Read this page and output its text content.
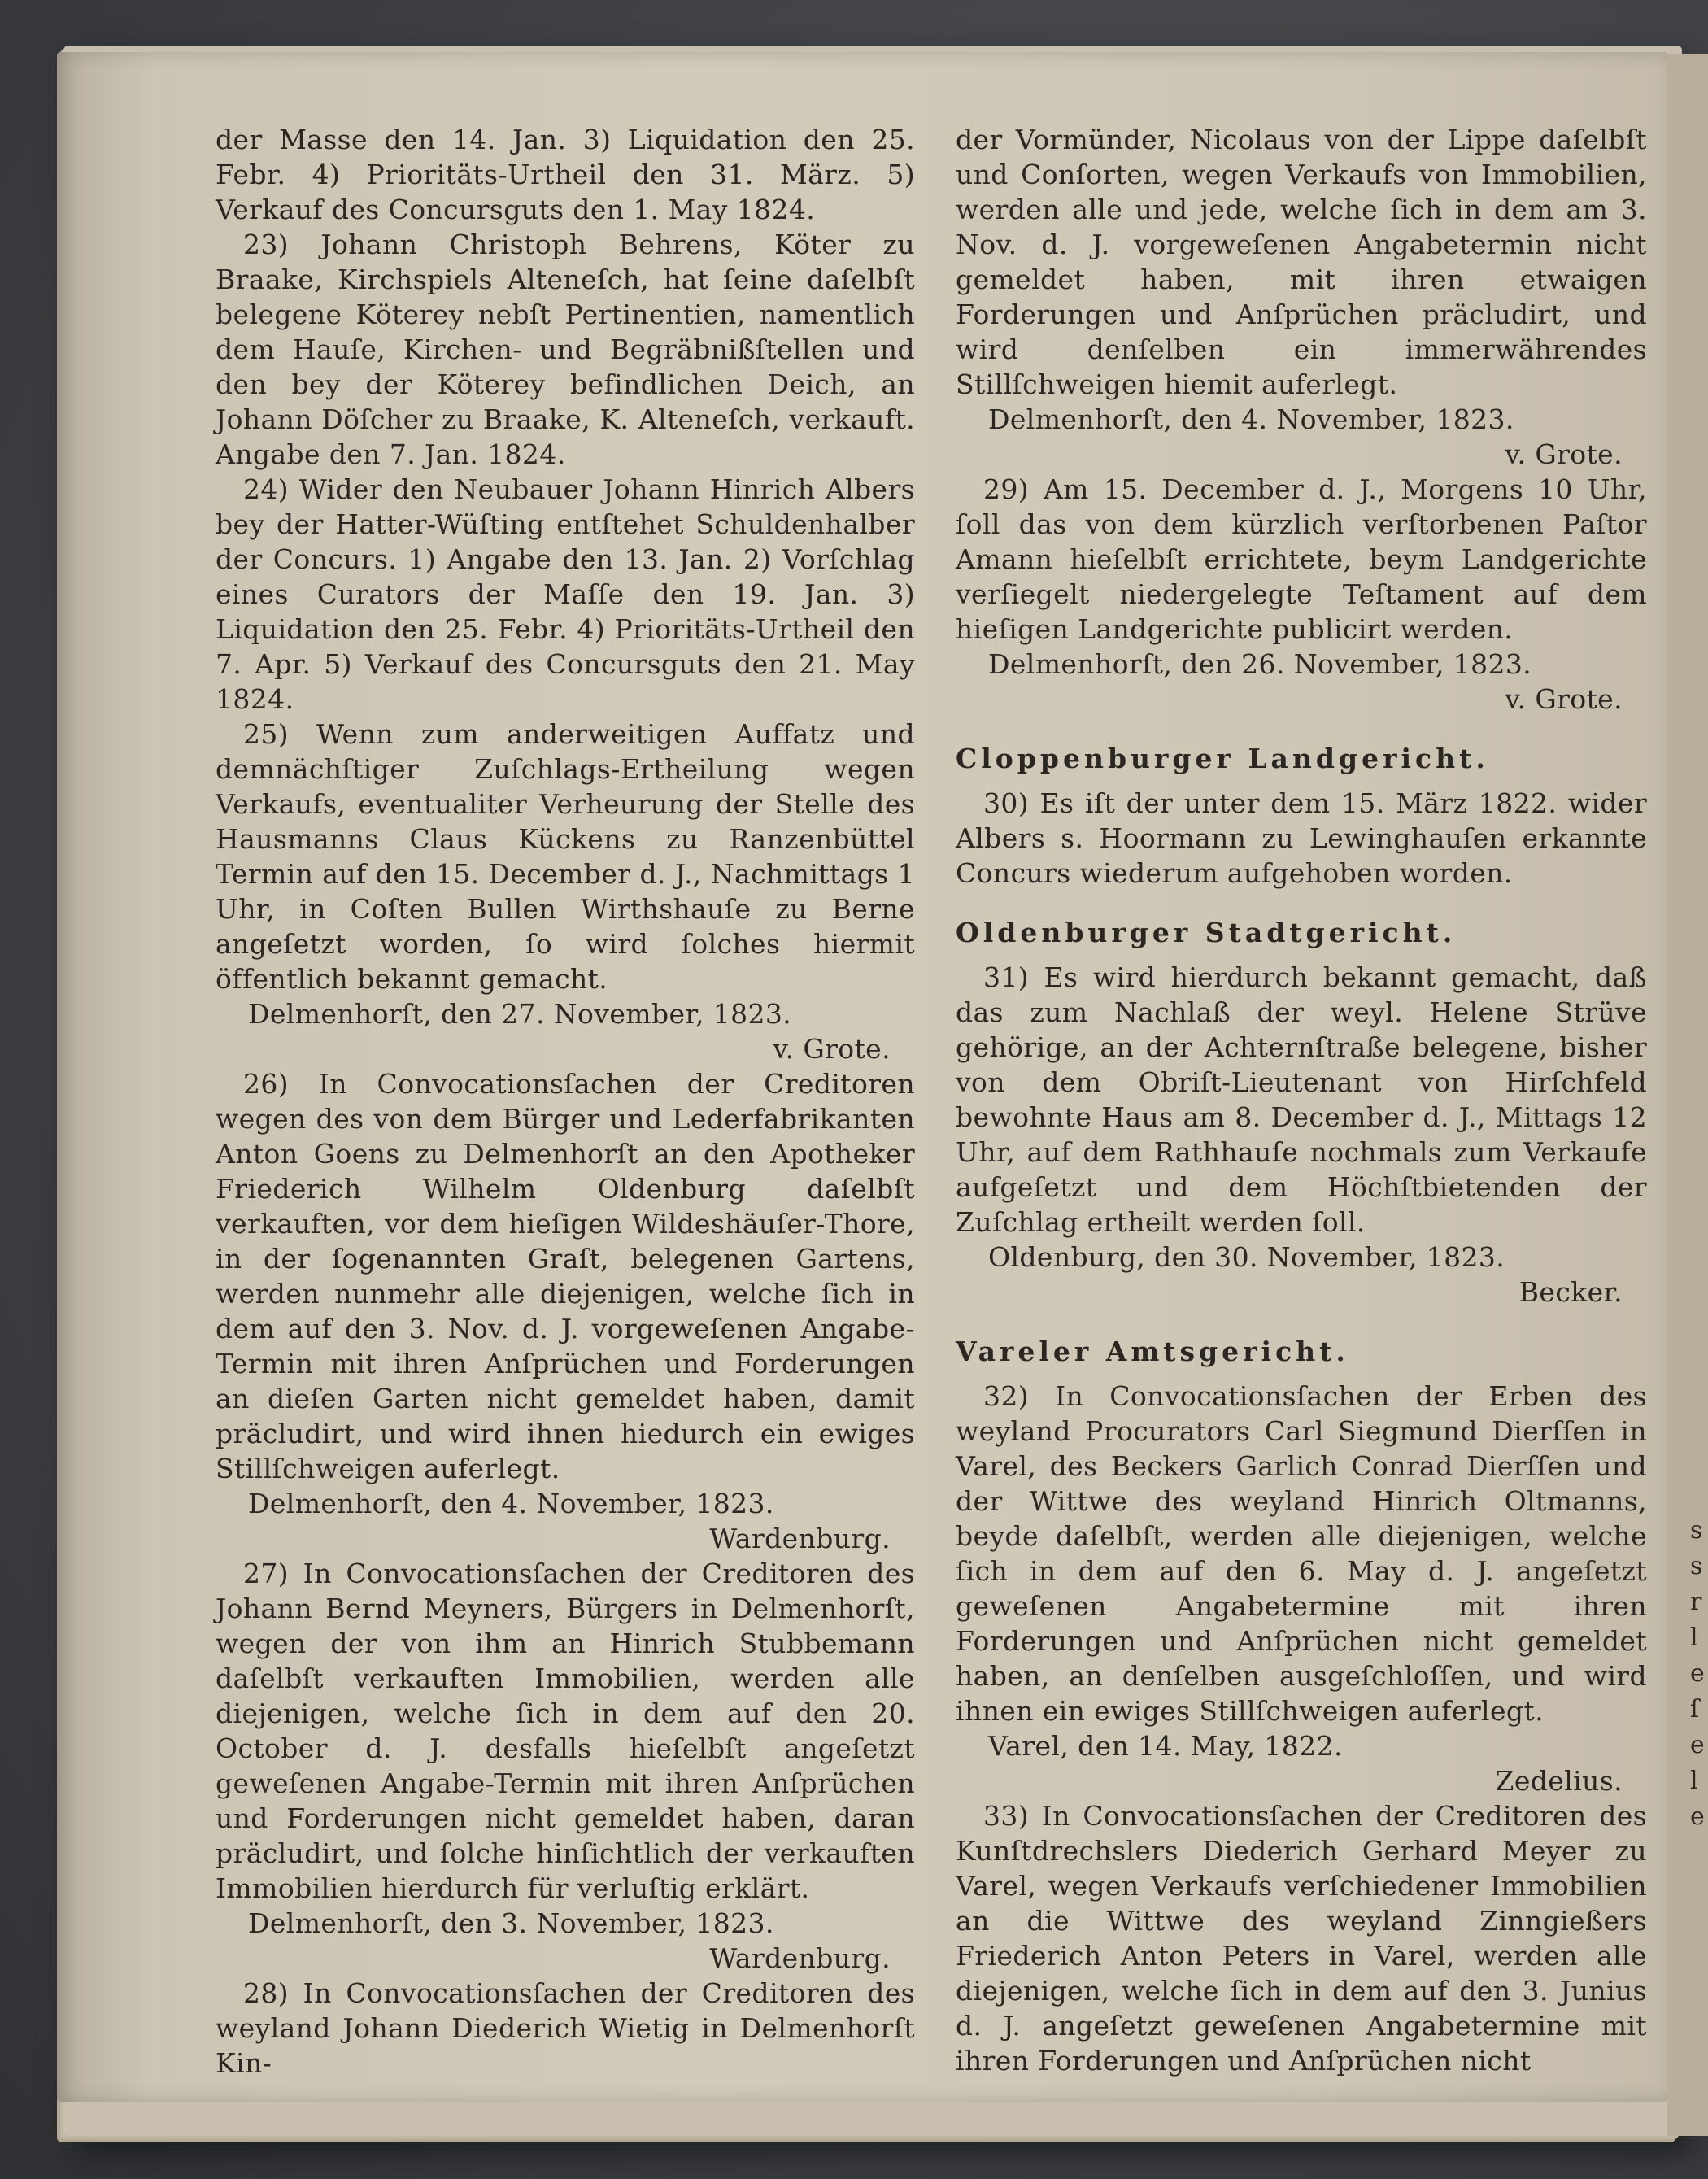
der Masse den 14. Jan. 3) Liquidation den 25. Febr. 4) Prioritäts-Urtheil den 31. März. 5) Verkauf des Concursguts den 1. May 1824.

23) Johann Christoph Behrens, Köter zu Braake, Kirchspiels Alteneſch, hat ſeine daſelbſt belegene Köterey nebſt Pertinentien, namentlich dem Hauſe, Kirchen- und Begräbnißſtellen und den bey der Köterey befindlichen Deich, an Johann Döſcher zu Braake, K. Alteneſch, verkauft. Angabe den 7. Jan. 1824.

24) Wider den Neubauer Johann Hinrich Albers bey der Hatter-Wüſting entſtehet Schuldenhalber der Concurs. 1) Angabe den 13. Jan. 2) Vorſchlag eines Curators der Maſſe den 19. Jan. 3) Liquidation den 25. Febr. 4) Prioritäts-Urtheil den 7. Apr. 5) Verkauf des Concursguts den 21. May 1824.

25) Wenn zum anderweitigen Auffatz und demnächſtiger Zuſchlags-Ertheilung wegen Verkaufs, eventualiter Verheurung der Stelle des Hausmanns Claus Kückens zu Ranzenbüttel Termin auf den 15. December d. J., Nachmittags 1 Uhr, in Coſten Bullen Wirthshauſe zu Berne angeſetzt worden, ſo wird ſolches hiermit öffentlich bekannt gemacht.

Delmenhorſt, den 27. November, 1823.

v. Grote.

26) In Convocationsſachen der Creditoren wegen des von dem Bürger und Lederfabrikanten Anton Goens zu Delmenhorſt an den Apotheker Friederich Wilhelm Oldenburg daſelbſt verkauften, vor dem hieſigen Wildeshäuſer-Thore, in der ſogenannten Graſt, belegenen Gartens, werden nunmehr alle diejenigen, welche ſich in dem auf den 3. Nov. d. J. vorgeweſenen Angabe-Termin mit ihren Anſprüchen und Forderungen an dieſen Garten nicht gemeldet haben, damit präcludirt, und wird ihnen hiedurch ein ewiges Stillſchweigen auferlegt.

Delmenhorſt, den 4. November, 1823.

Wardenburg.

27) In Convocationsſachen der Creditoren des Johann Bernd Meyners, Bürgers in Delmenhorſt, wegen der von ihm an Hinrich Stubbemann daſelbſt verkauften Immobilien, werden alle diejenigen, welche ſich in dem auf den 20. October d. J. desfalls hieſelbſt angeſetzt geweſenen Angabe-Termin mit ihren Anſprüchen und Forderungen nicht gemeldet haben, daran präcludirt, und ſolche hinſichtlich der verkauften Immobilien hierdurch für verluſtig erklärt.

Delmenhorſt, den 3. November, 1823.

Wardenburg.

28) In Convocationsſachen der Creditoren des weyland Johann Diederich Wietig in Delmenhorſt Kin-

der Vormünder, Nicolaus von der Lippe daſelbſt und Conſorten, wegen Verkaufs von Immobilien, werden alle und jede, welche ſich in dem am 3. Nov. d. J. vorgeweſenen Angabetermin nicht gemeldet haben, mit ihren etwaigen Forderungen und Anſprüchen präcludirt, und wird denſelben ein immerwährendes Stillſchweigen hiemit auferlegt.

Delmenhorſt, den 4. November, 1823.

v. Grote.

29) Am 15. December d. J., Morgens 10 Uhr, ſoll das von dem kürzlich verſtorbenen Paſtor Amann hieſelbſt errichtete, beym Landgerichte verſiegelt niedergelegte Teſtament auf dem hieſigen Landgerichte publicirt werden.

Delmenhorſt, den 26. November, 1823.

v. Grote.

Cloppenburger Landgericht.

30) Es iſt der unter dem 15. März 1822. wider Albers s. Hoormann zu Lewinghauſen erkannte Concurs wiederum aufgehoben worden.

Oldenburger Stadtgericht.

31) Es wird hierdurch bekannt gemacht, daß das zum Nachlaß der weyl. Helene Strüve gehörige, an der Achternſtraße belegene, bisher von dem Obriſt-Lieutenant von Hirſchfeld bewohnte Haus am 8. December d. J., Mittags 12 Uhr, auf dem Rathhauſe nochmals zum Verkaufe aufgeſetzt und dem Höchſtbietenden der Zuſchlag ertheilt werden ſoll.

Oldenburg, den 30. November, 1823.

Becker.

Vareler Amtsgericht.

32) In Convocationsſachen der Erben des weyland Procurators Carl Siegmund Dierſſen in Varel, des Beckers Garlich Conrad Dierſſen und der Wittwe des weyland Hinrich Oltmanns, beyde daſelbſt, werden alle diejenigen, welche ſich in dem auf den 6. May d. J. angeſetzt geweſenen Angabetermine mit ihren Forderungen und Anſprüchen nicht gemeldet haben, an denſelben ausgeſchloſſen, und wird ihnen ein ewiges Stillſchweigen auferlegt.

Varel, den 14. May, 1822.

Zedelius.

33) In Convocationsſachen der Creditoren des Kunſtdrechslers Diederich Gerhard Meyer zu Varel, wegen Verkaufs verſchiedener Immobilien an die Wittwe des weyland Zinngießers Friederich Anton Peters in Varel, werden alle diejenigen, welche ſich in dem auf den 3. Junius d. J. angeſetzt geweſenen Angabetermine mit ihren Forderungen und Anſprüchen nicht

s
s
r
l
e
ſ
e
l
e
